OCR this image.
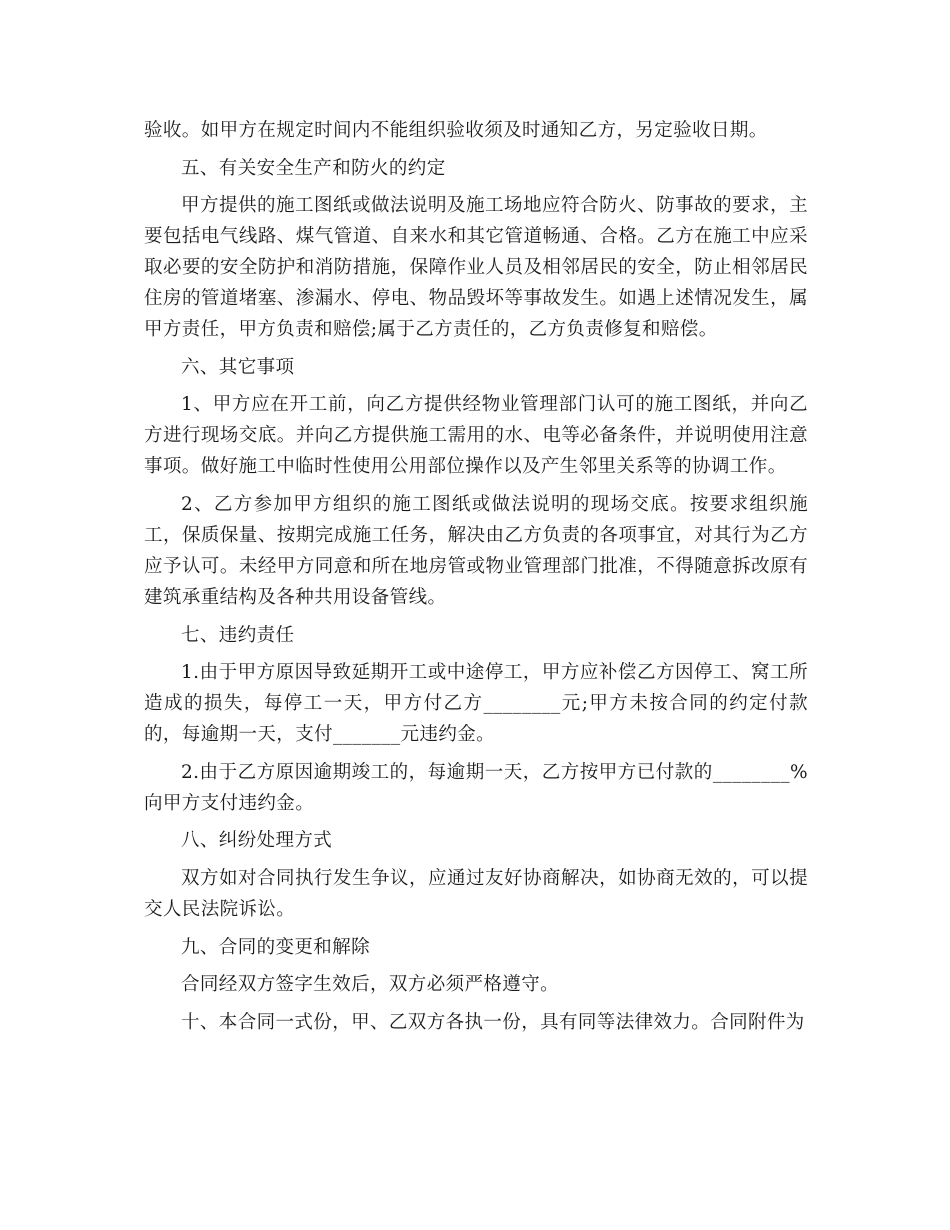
验收。如甲方在规定时间内不能组织验收须及时通知乙方，另定验收日期。

五、有关安全生产和防火的约定

甲方提供的施工图纸或做法说明及施工场地应符合防火、防事故的要求，主要包括电气线路、煤气管道、自来水和其它管道畅通、合格。乙方在施工中应采取必要的安全防护和消防措施，保障作业人员及相邻居民的安全，防止相邻居民住房的管道堵塞、渗漏水、停电、物品毁坏等事故发生。如遇上述情况发生，属甲方责任，甲方负责和赔偿;属于乙方责任的，乙方负责修复和赔偿。

六、其它事项

1、甲方应在开工前，向乙方提供经物业管理部门认可的施工图纸，并向乙方进行现场交底。并向乙方提供施工需用的水、电等必备条件，并说明使用注意事项。做好施工中临时性使用公用部位操作以及产生邻里关系等的协调工作。

2、乙方参加甲方组织的施工图纸或做法说明的现场交底。按要求组织施工，保质保量、按期完成施工任务，解决由乙方负责的各项事宜，对其行为乙方应予认可。未经甲方同意和所在地房管或物业管理部门批准，不得随意拆改原有建筑承重结构及各种共用设备管线。

七、违约责任

1.由于甲方原因导致延期开工或中途停工，甲方应补偿乙方因停工、窝工所造成的损失，每停工一天，甲方付乙方________元;甲方未按合同的约定付款的，每逾期一天，支付_______元违约金。

2.由于乙方原因逾期竣工的，每逾期一天，乙方按甲方已付款的________%向甲方支付违约金。

八、纠纷处理方式

双方如对合同执行发生争议，应通过友好协商解决，如协商无效的，可以提交人民法院诉讼。

九、合同的变更和解除

合同经双方签字生效后，双方必须严格遵守。

十、本合同一式份，甲、乙双方各执一份，具有同等法律效力。合同附件为
